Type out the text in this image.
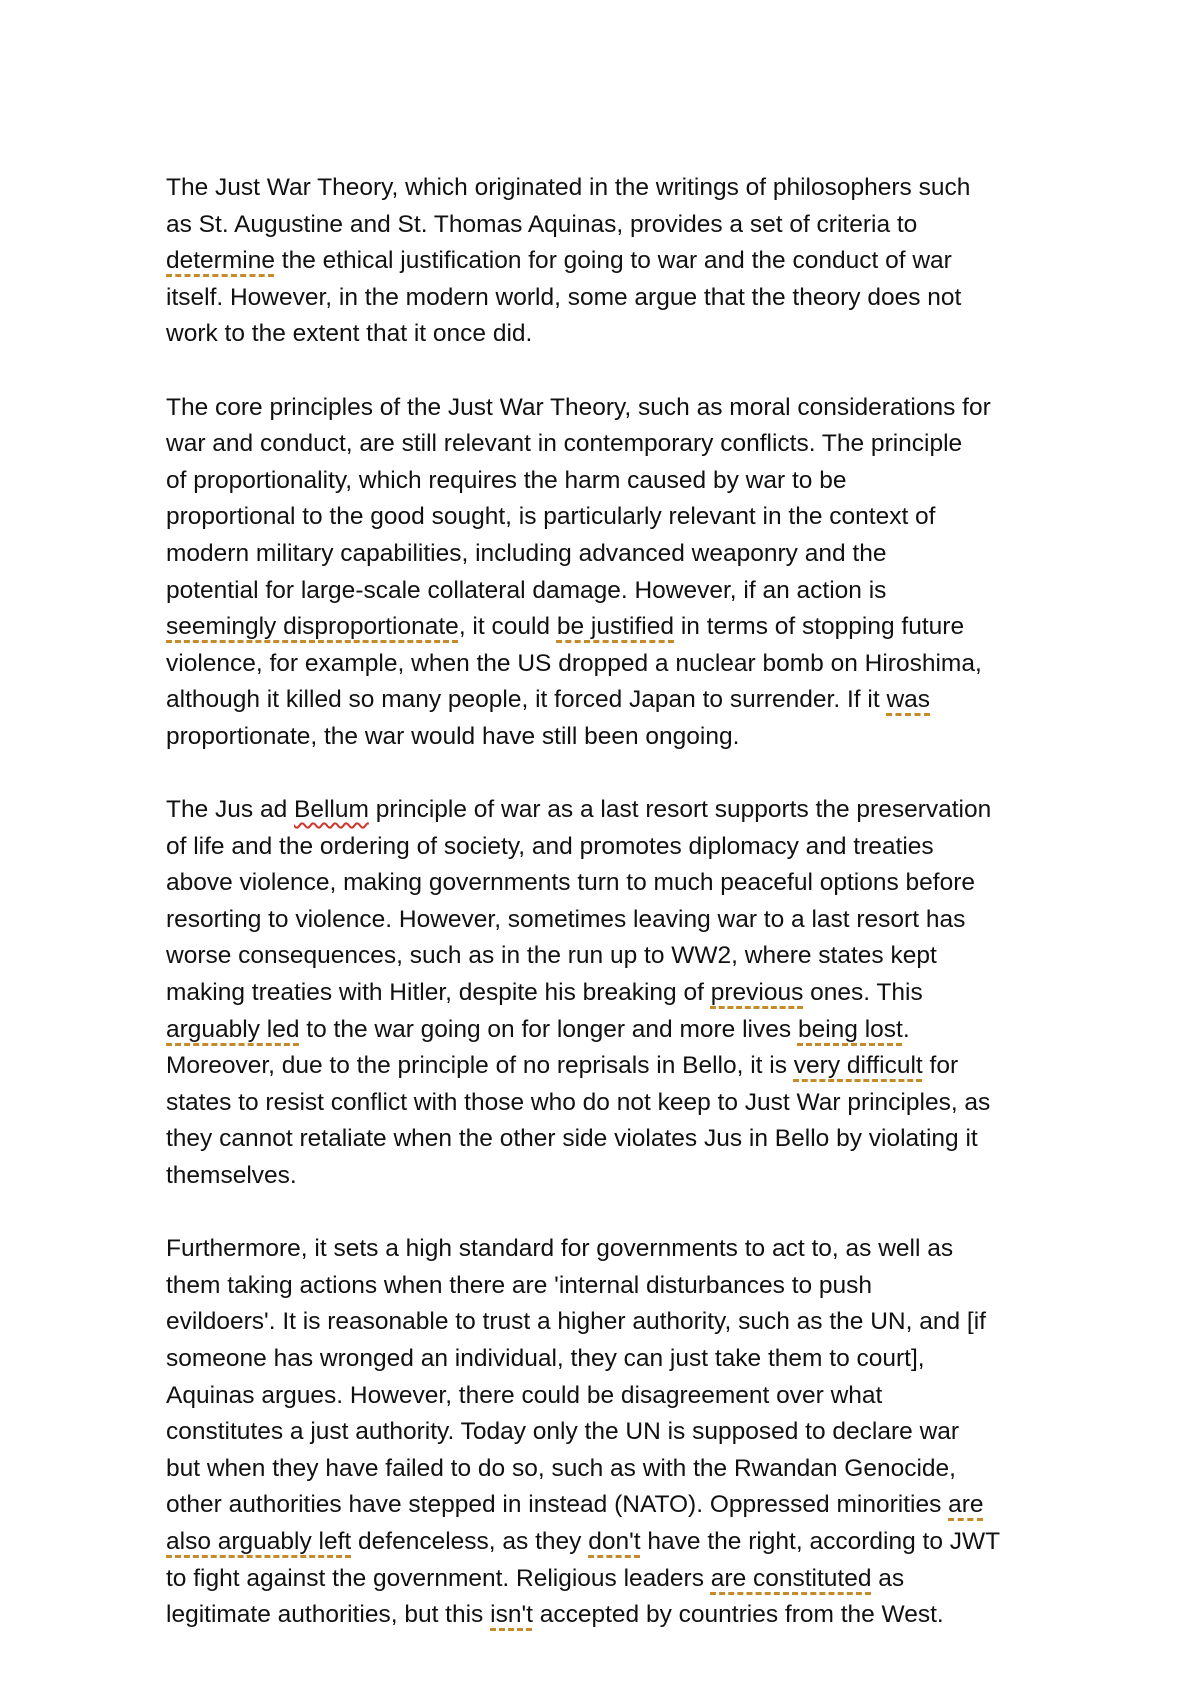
The Just War Theory, which originated in the writings of philosophers such
as St. Augustine and St. Thomas Aquinas, provides a set of criteria to
determine the ethical justification for going to war and the conduct of war
itself. However, in the modern world, some argue that the theory does not
work to the extent that it once did.
The core principles of the Just War Theory, such as moral considerations for
war and conduct, are still relevant in contemporary conflicts. The principle
of proportionality, which requires the harm caused by war to be
proportional to the good sought, is particularly relevant in the context of
modern military capabilities, including advanced weaponry and the
potential for large-scale collateral damage. However, if an action is
seemingly disproportionate, it could be justified in terms of stopping future
violence, for example, when the US dropped a nuclear bomb on Hiroshima,
although it killed so many people, it forced Japan to surrender. If it was
proportionate, the war would have still been ongoing.
The Jus ad Bellum principle of war as a last resort supports the preservation
of life and the ordering of society, and promotes diplomacy and treaties
above violence, making governments turn to much peaceful options before
resorting to violence. However, sometimes leaving war to a last resort has
worse consequences, such as in the run up to WW2, where states kept
making treaties with Hitler, despite his breaking of previous ones. This
arguably led to the war going on for longer and more lives being lost.
Moreover, due to the principle of no reprisals in Bello, it is very difficult for
states to resist conflict with those who do not keep to Just War principles, as
they cannot retaliate when the other side violates Jus in Bello by violating it
themselves.
Furthermore, it sets a high standard for governments to act to, as well as
them taking actions when there are 'internal disturbances to push
evildoers'. It is reasonable to trust a higher authority, such as the UN, and [if
someone has wronged an individual, they can just take them to court],
Aquinas argues. However, there could be disagreement over what
constitutes a just authority. Today only the UN is supposed to declare war
but when they have failed to do so, such as with the Rwandan Genocide,
other authorities have stepped in instead (NATO). Oppressed minorities are
also arguably left defenceless, as they don't have the right, according to JWT
to fight against the government. Religious leaders are constituted as
legitimate authorities, but this isn't accepted by countries from the West.
